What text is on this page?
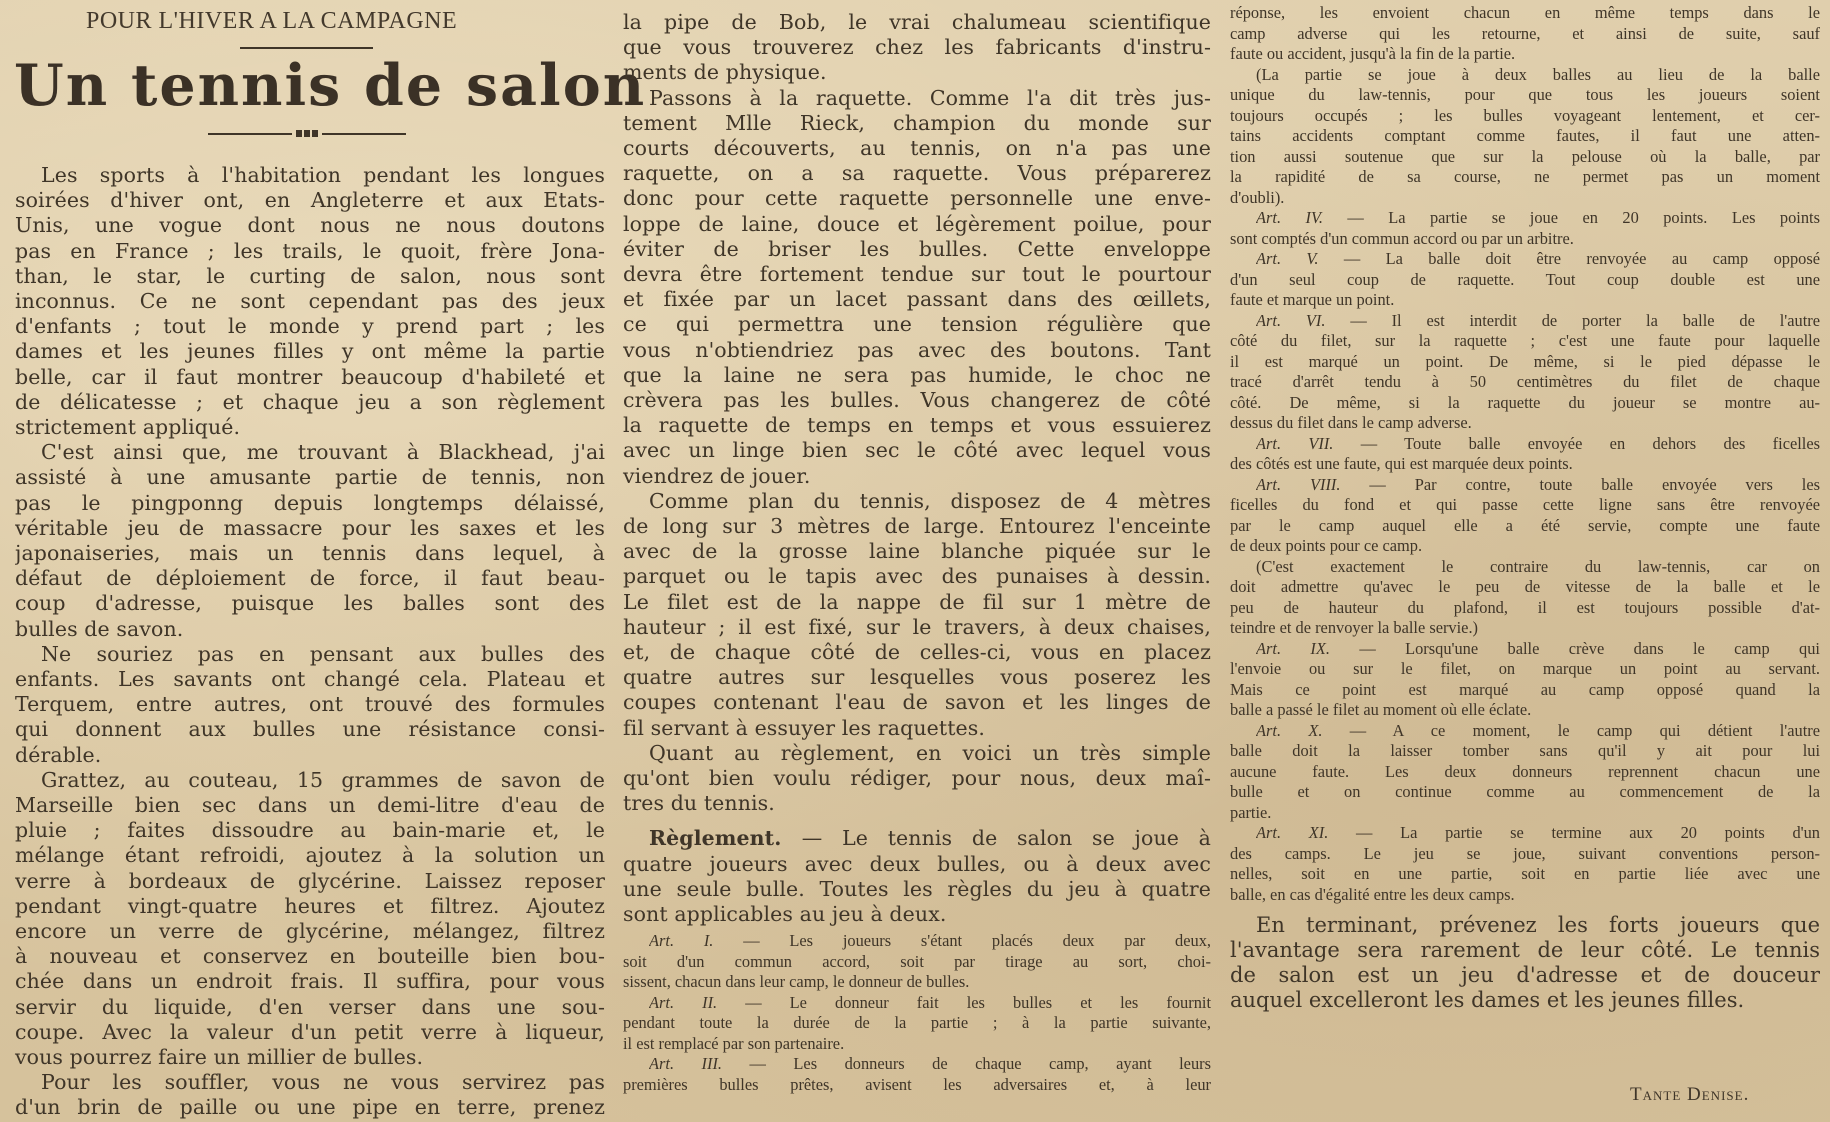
POUR L'HIVER A LA CAMPAGNE
Un tennis de salon
Les sports à l'habitation pendant les longues
soirées d'hiver ont, en Angleterre et aux Etats-
Unis, une vogue dont nous ne nous doutons
pas en France ; les trails, le quoit, frère Jona-
than, le star, le curting de salon, nous sont
inconnus. Ce ne sont cependant pas des jeux
d'enfants ; tout le monde y prend part ; les
dames et les jeunes filles y ont même la partie
belle, car il faut montrer beaucoup d'habileté et
de délicatesse ; et chaque jeu a son règlement
strictement appliqué.
C'est ainsi que, me trouvant à Blackhead, j'ai
assisté à une amusante partie de tennis, non
pas le pingponng depuis longtemps délaissé,
véritable jeu de massacre pour les saxes et les
japonaiseries, mais un tennis dans lequel, à
défaut de déploiement de force, il faut beau-
coup d'adresse, puisque les balles sont des
bulles de savon.
Ne souriez pas en pensant aux bulles des
enfants. Les savants ont changé cela. Plateau et
Terquem, entre autres, ont trouvé des formules
qui donnent aux bulles une résistance consi-
dérable.
Grattez, au couteau, 15 grammes de savon de
Marseille bien sec dans un demi-litre d'eau de
pluie ; faites dissoudre au bain-marie et, le
mélange étant refroidi, ajoutez à la solution un
verre à bordeaux de glycérine. Laissez reposer
pendant vingt-quatre heures et filtrez. Ajoutez
encore un verre de glycérine, mélangez, filtrez
à nouveau et conservez en bouteille bien bou-
chée dans un endroit frais. Il suffira, pour vous
servir du liquide, d'en verser dans une sou-
coupe. Avec la valeur d'un petit verre à liqueur,
vous pourrez faire un millier de bulles.
Pour les souffler, vous ne vous servirez pas
d'un brin de paille ou une pipe en terre, prenez
la pipe de Bob, le vrai chalumeau scientifique
que vous trouverez chez les fabricants d'instru-
ments de physique.
Passons à la raquette. Comme l'a dit très jus-
tement Mlle Rieck, champion du monde sur
courts découverts, au tennis, on n'a pas une
raquette, on a sa raquette. Vous préparerez
donc pour cette raquette personnelle une enve-
loppe de laine, douce et légèrement poilue, pour
éviter de briser les bulles. Cette enveloppe
devra être fortement tendue sur tout le pourtour
et fixée par un lacet passant dans des œillets,
ce qui permettra une tension régulière que
vous n'obtiendriez pas avec des boutons. Tant
que la laine ne sera pas humide, le choc ne
crèvera pas les bulles. Vous changerez de côté
la raquette de temps en temps et vous essuierez
avec un linge bien sec le côté avec lequel vous
viendrez de jouer.
Comme plan du tennis, disposez de 4 mètres
de long sur 3 mètres de large. Entourez l'enceinte
avec de la grosse laine blanche piquée sur le
parquet ou le tapis avec des punaises à dessin.
Le filet est de la nappe de fil sur 1 mètre de
hauteur ; il est fixé, sur le travers, à deux chaises,
et, de chaque côté de celles-ci, vous en placez
quatre autres sur lesquelles vous poserez les
coupes contenant l'eau de savon et les linges de
fil servant à essuyer les raquettes.
Quant au règlement, en voici un très simple
qu'ont bien voulu rédiger, pour nous, deux maî-
tres du tennis.
Règlement. — Le tennis de salon se joue à
quatre joueurs avec deux bulles, ou à deux avec
une seule bulle. Toutes les règles du jeu à quatre
sont applicables au jeu à deux.
Art. I. — Les joueurs s'étant placés deux par deux,
soit d'un commun accord, soit par tirage au sort, choi-
sissent, chacun dans leur camp, le donneur de bulles.
Art. II. — Le donneur fait les bulles et les fournit
pendant toute la durée de la partie ; à la partie suivante,
il est remplacé par son partenaire.
Art. III. — Les donneurs de chaque camp, ayant leurs
premières bulles prêtes, avisent les adversaires et, à leur
réponse, les envoient chacun en même temps dans le
camp adverse qui les retourne, et ainsi de suite, sauf
faute ou accident, jusqu'à la fin de la partie.
(La partie se joue à deux balles au lieu de la balle
unique du law-tennis, pour que tous les joueurs soient
toujours occupés ; les bulles voyageant lentement, et cer-
tains accidents comptant comme fautes, il faut une atten-
tion aussi soutenue que sur la pelouse où la balle, par
la rapidité de sa course, ne permet pas un moment
d'oubli).
Art. IV. — La partie se joue en 20 points. Les points
sont comptés d'un commun accord ou par un arbitre.
Art. V. — La balle doit être renvoyée au camp opposé
d'un seul coup de raquette. Tout coup double est une
faute et marque un point.
Art. VI. — Il est interdit de porter la balle de l'autre
côté du filet, sur la raquette ; c'est une faute pour laquelle
il est marqué un point. De même, si le pied dépasse le
tracé d'arrêt tendu à 50 centimètres du filet de chaque
côté. De même, si la raquette du joueur se montre au-
dessus du filet dans le camp adverse.
Art. VII. — Toute balle envoyée en dehors des ficelles
des côtés est une faute, qui est marquée deux points.
Art. VIII. — Par contre, toute balle envoyée vers les
ficelles du fond et qui passe cette ligne sans être renvoyée
par le camp auquel elle a été servie, compte une faute
de deux points pour ce camp.
(C'est exactement le contraire du law-tennis, car on
doit admettre qu'avec le peu de vitesse de la balle et le
peu de hauteur du plafond, il est toujours possible d'at-
teindre et de renvoyer la balle servie.)
Art. IX. — Lorsqu'une balle crève dans le camp qui
l'envoie ou sur le filet, on marque un point au servant.
Mais ce point est marqué au camp opposé quand la
balle a passé le filet au moment où elle éclate.
Art. X. — A ce moment, le camp qui détient l'autre
balle doit la laisser tomber sans qu'il y ait pour lui
aucune faute. Les deux donneurs reprennent chacun une
bulle et on continue comme au commencement de la
partie.
Art. XI. — La partie se termine aux 20 points d'un
des camps. Le jeu se joue, suivant conventions person-
nelles, soit en une partie, soit en partie liée avec une
balle, en cas d'égalité entre les deux camps.
En terminant, prévenez les forts joueurs que
l'avantage sera rarement de leur côté. Le tennis
de salon est un jeu d'adresse et de douceur
auquel excelleront les dames et les jeunes filles.
Tante Denise.
